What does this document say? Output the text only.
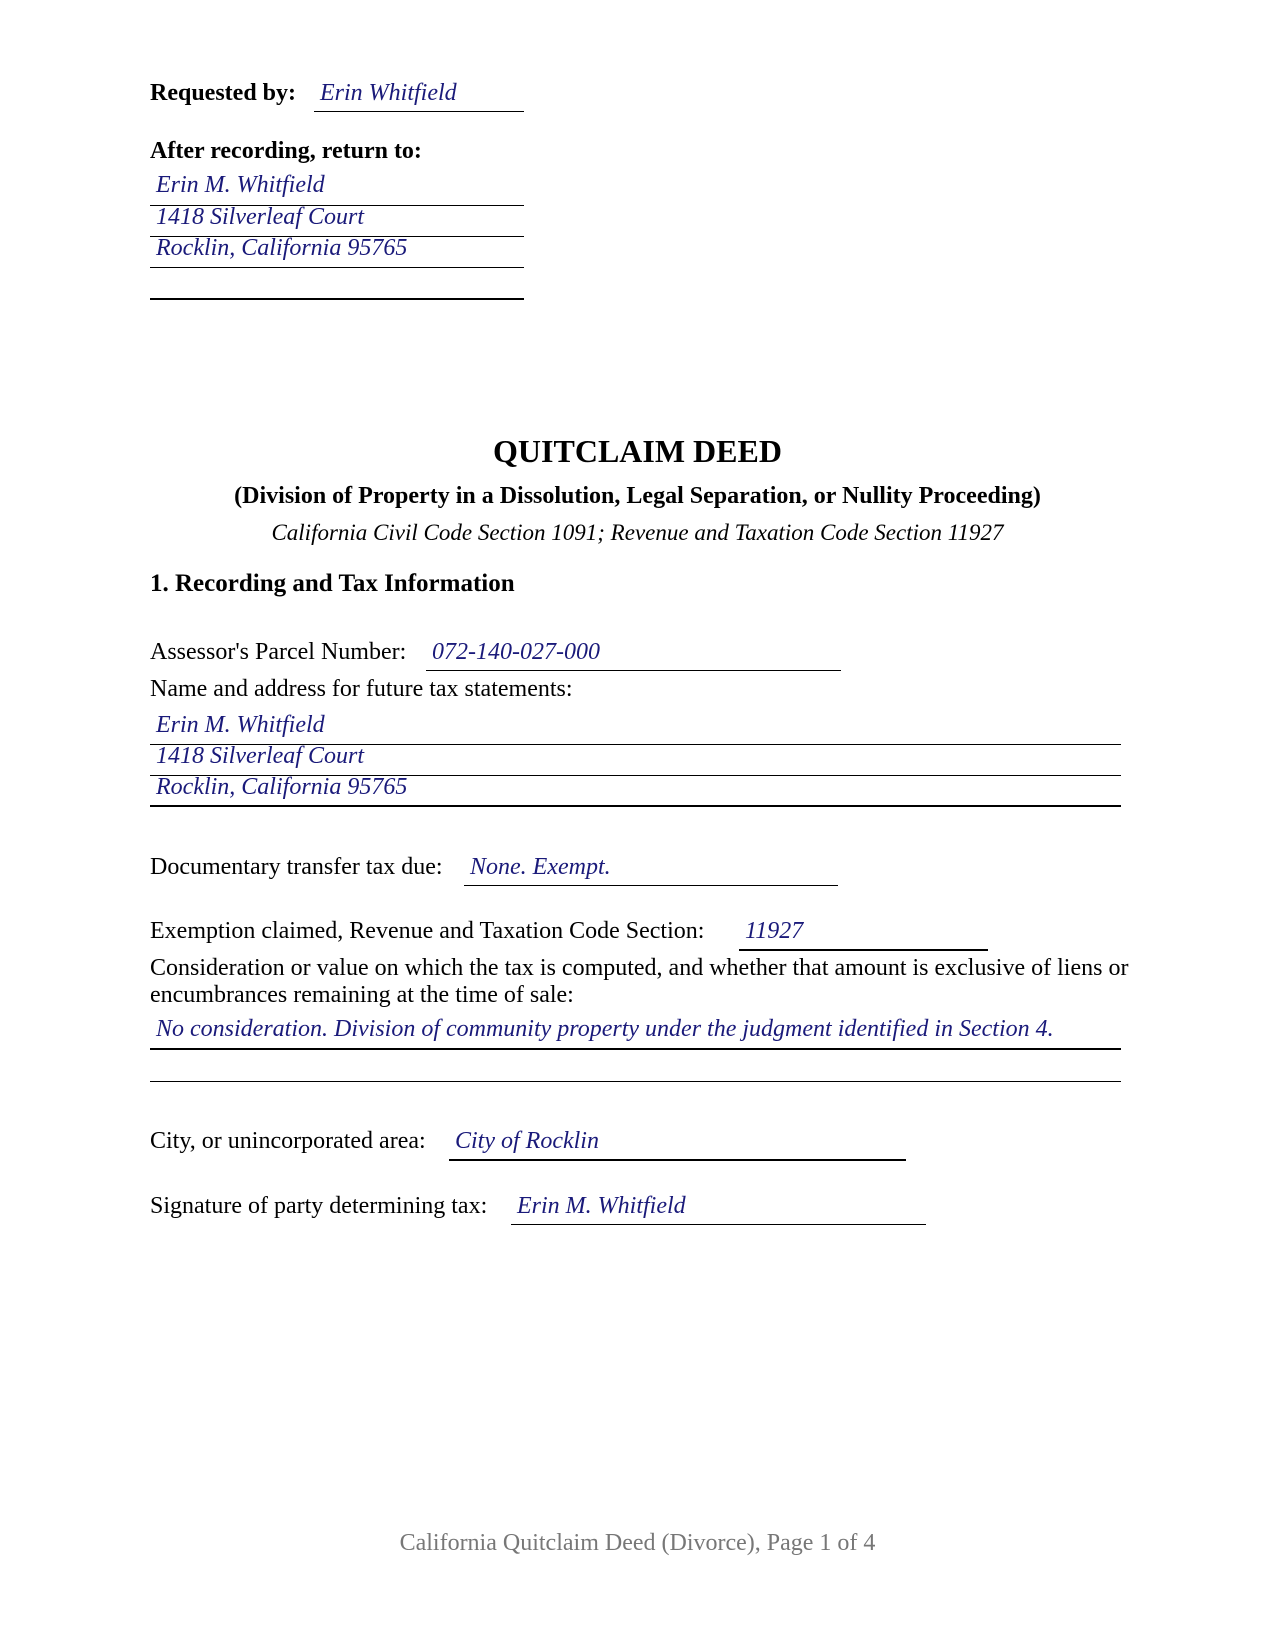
Requested by: Erin Whitfield
After recording, return to:
Erin M. Whitfield
1418 Silverleaf Court
Rocklin, California 95765
QUITCLAIM DEED
(Division of Property in a Dissolution, Legal Separation, or Nullity Proceeding)
California Civil Code Section 1091; Revenue and Taxation Code Section 11927
1. Recording and Tax Information
Assessor's Parcel Number: 072-140-027-000
Name and address for future tax statements:
Erin M. Whitfield
1418 Silverleaf Court
Rocklin, California 95765
Documentary transfer tax due: None. Exempt.
Exemption claimed, Revenue and Taxation Code Section: 11927
Consideration or value on which the tax is computed, and whether that amount is exclusive of liens or encumbrances remaining at the time of sale:
No consideration. Division of community property under the judgment identified in Section 4.
City, or unincorporated area: City of Rocklin
Signature of party determining tax: Erin M. Whitfield
California Quitclaim Deed (Divorce), Page 1 of 4
